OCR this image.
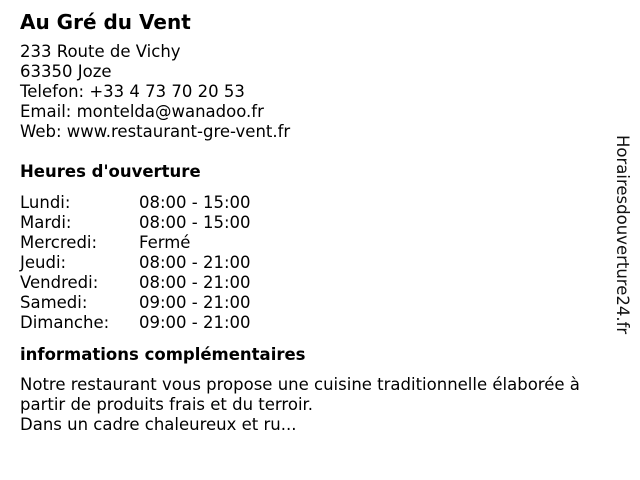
Au Gré du Vent
233 Route de Vichy
63350 Joze
Telefon: +33 4 73 70 20 53
Email: montelda@wanadoo.fr
Web: www.restaurant-gre-vent.fr
Heures d'ouverture
Lundi:	08:00 - 15:00
Mardi:	08:00 - 15:00
Mercredi:	Fermé
Jeudi:	08:00 - 21:00
Vendredi:	08:00 - 21:00
Samedi:	09:00 - 21:00
Dimanche:	09:00 - 21:00
informations complémentaires

Notre restaurant vous propose une cuisine traditionnelle élaborée à partir de produits frais et du terroir.

Dans un cadre chaleureux et ru...

Horairesdouverture24.fr
